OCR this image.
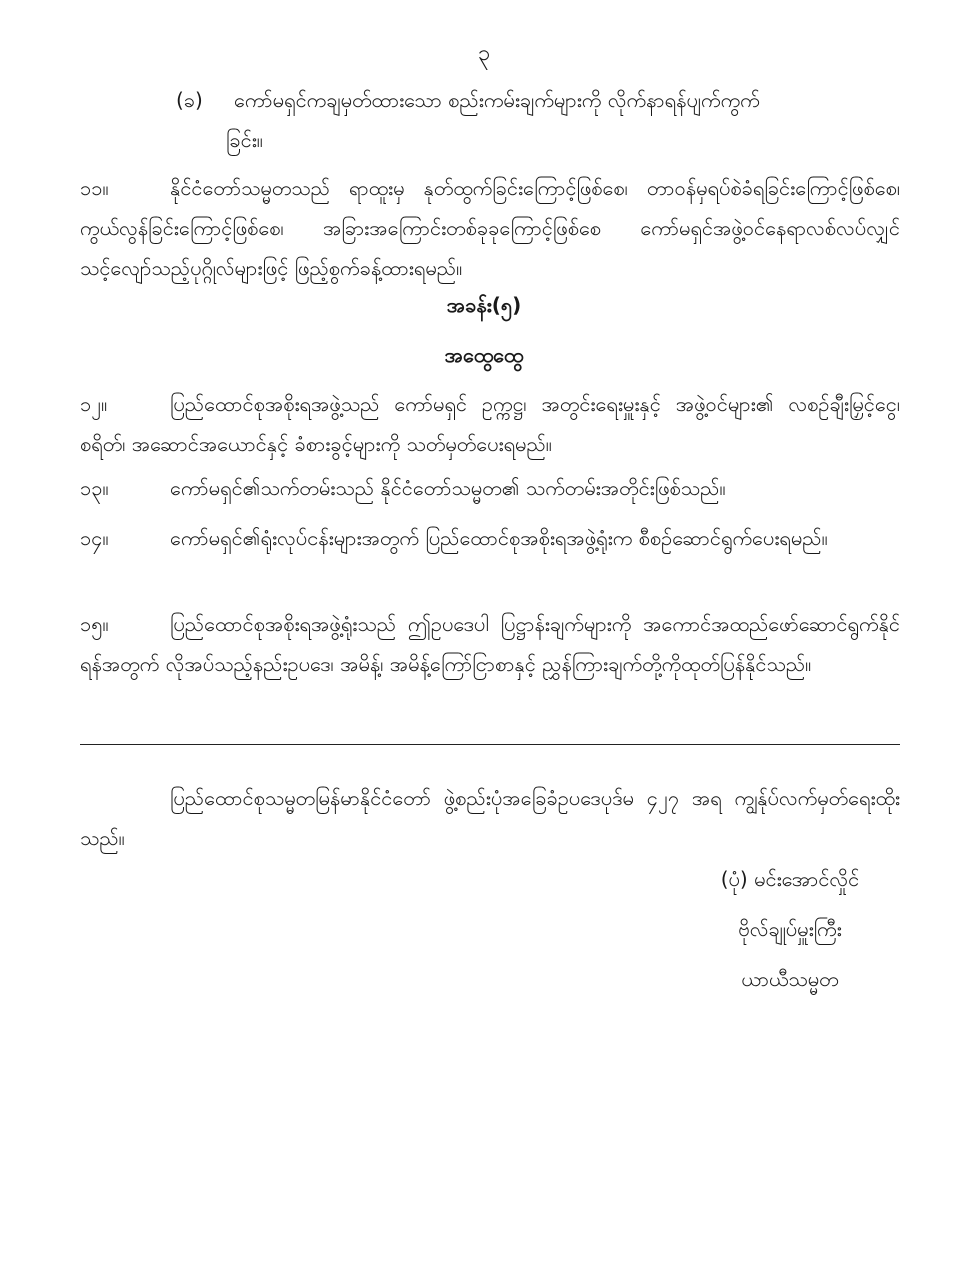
၃
(ခ) ကော်မရှင်ကချမှတ်ထားသော စည်းကမ်းချက်များကို လိုက်နာရန်ပျက်ကွက်
ခြင်း။
၁၁။	နိုင်ငံတော်သမ္မတသည် ရာထူးမှ နုတ်ထွက်ခြင်းကြောင့်ဖြစ်စေ၊ တာဝန်မှရပ်စဲခံရခြင်းကြောင့်ဖြစ်စေ၊ ကွယ်လွန်ခြင်းကြောင့်ဖြစ်စေ၊ အခြားအကြောင်းတစ်ခုခုကြောင့်ဖြစ်စေ ကော်မရှင်အဖွဲ့ဝင်နေရာလစ်လပ်လျှင် သင့်လျော်သည့်ပုဂ္ဂိုလ်များဖြင့် ဖြည့်စွက်ခန့်ထားရမည်။
အခန်း(၅)
အထွေထွေ
၁၂။	ပြည်ထောင်စုအစိုးရအဖွဲ့သည် ကော်မရှင် ဥက္ကဋ္ဌ၊ အတွင်းရေးမှူးနှင့် အဖွဲ့ဝင်များ၏ လစဉ်ချီးမြှင့်ငွေ၊ စရိတ်၊ အဆောင်အယောင်နှင့် ခံစားခွင့်များကို သတ်မှတ်ပေးရမည်။
၁၃။	ကော်မရှင်၏သက်တမ်းသည် နိုင်ငံတော်သမ္မတ၏ သက်တမ်းအတိုင်းဖြစ်သည်။
၁၄။	ကော်မရှင်၏ရုံးလုပ်ငန်းများအတွက် ပြည်ထောင်စုအစိုးရအဖွဲ့ရုံးက စီစဉ်ဆောင်ရွက်ပေးရမည်။
၁၅။	ပြည်ထောင်စုအစိုးရအဖွဲ့ရုံးသည် ဤဥပဒေပါ ပြဋ္ဌာန်းချက်များကို အကောင်အထည်ဖော်ဆောင်ရွက်နိုင်ရန်အတွက် လိုအပ်သည့်နည်းဥပဒေ၊ အမိန့်၊ အမိန့်ကြော်ငြာစာနှင့် ညွှန်ကြားချက်တို့ကိုထုတ်ပြန်နိုင်သည်။
ပြည်ထောင်စုသမ္မတမြန်မာနိုင်ငံတော် ဖွဲ့စည်းပုံအခြေခံဥပဒေပုဒ်မ ၄၂၇ အရ ကျွန်ုပ်လက်မှတ်ရေးထိုးသည်။
(ပုံ) မင်းအောင်လှိုင်
ဗိုလ်ချုပ်မှူးကြီး
ယာယီသမ္မတ
